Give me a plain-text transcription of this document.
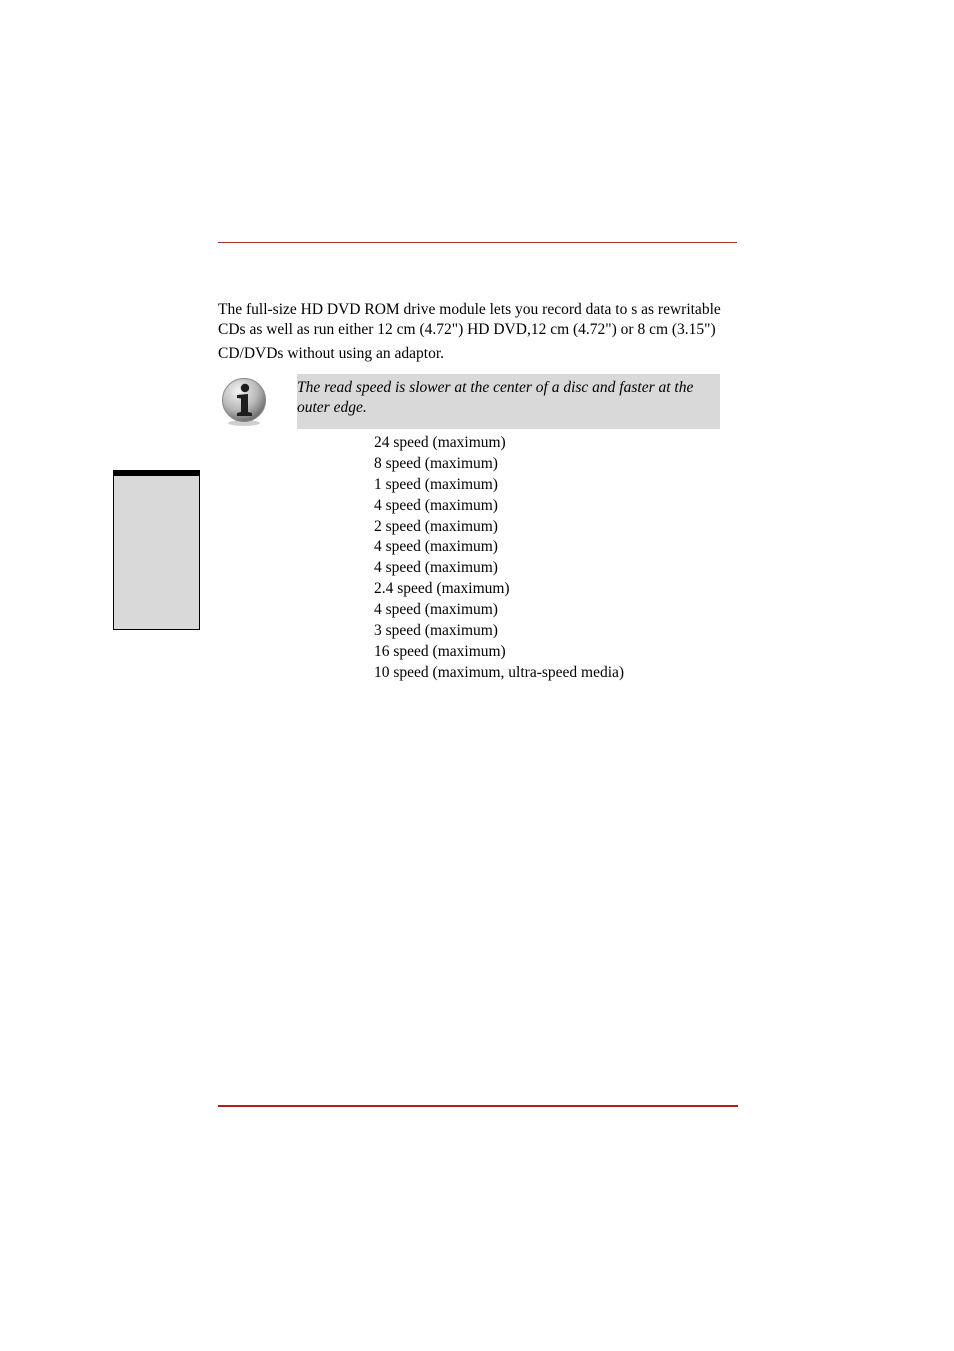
The full-size HD DVD ROM drive module lets you record data to s as rewritable
CDs as well as run either 12 cm (4.72") HD DVD,12 cm (4.72") or 8 cm (3.15")
CD/DVDs without using an adaptor.

The read speed is slower at the center of a disc and faster at the outer edge.

24 speed (maximum)
8 speed (maximum)
1 speed (maximum)
4 speed (maximum)
2 speed (maximum)
4 speed (maximum)
4 speed (maximum)
2.4 speed (maximum)
4 speed (maximum)
3 speed (maximum)
16 speed (maximum)
10 speed (maximum, ultra-speed media)
